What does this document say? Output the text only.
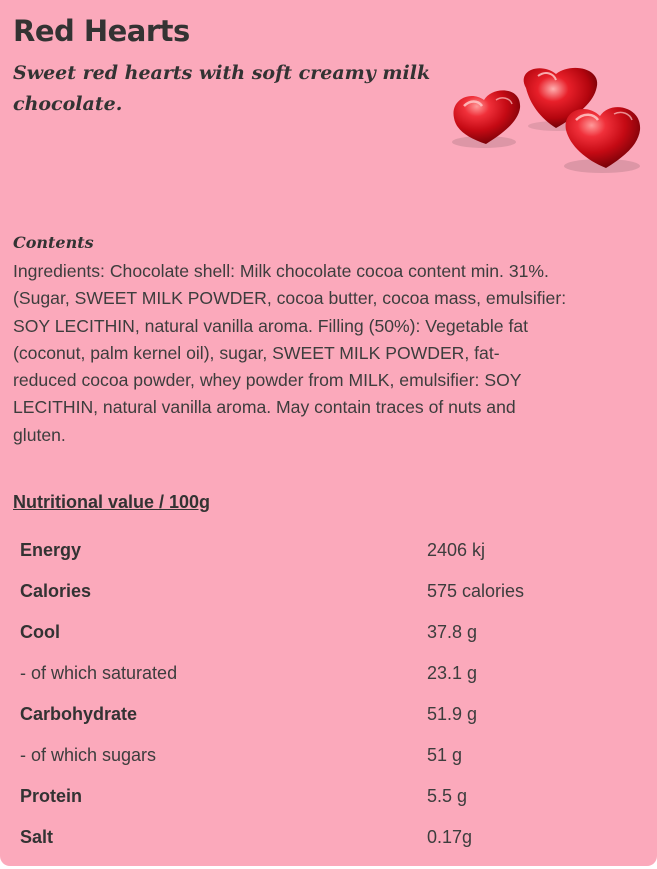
Red Hearts

Sweet red hearts with soft creamy milk chocolate.

Contents
Ingredients: Chocolate shell: Milk chocolate cocoa content min. 31%.
(Sugar, SWEET MILK POWDER, cocoa butter, cocoa mass, emulsifier:
SOY LECITHIN, natural vanilla aroma. Filling (50%): Vegetable fat
(coconut, palm kernel oil), sugar, SWEET MILK POWDER, fat-
reduced cocoa powder, whey powder from MILK, emulsifier: SOY
LECITHIN, natural vanilla aroma. May contain traces of nuts and
gluten.
Nutritional value / 100g
Energy	2406 kj
Calories	575 calories
Cool	37.8 g
- of which saturated	23.1 g
Carbohydrate	51.9 g
- of which sugars	51 g
Protein	5.5 g
Salt	0.17g
